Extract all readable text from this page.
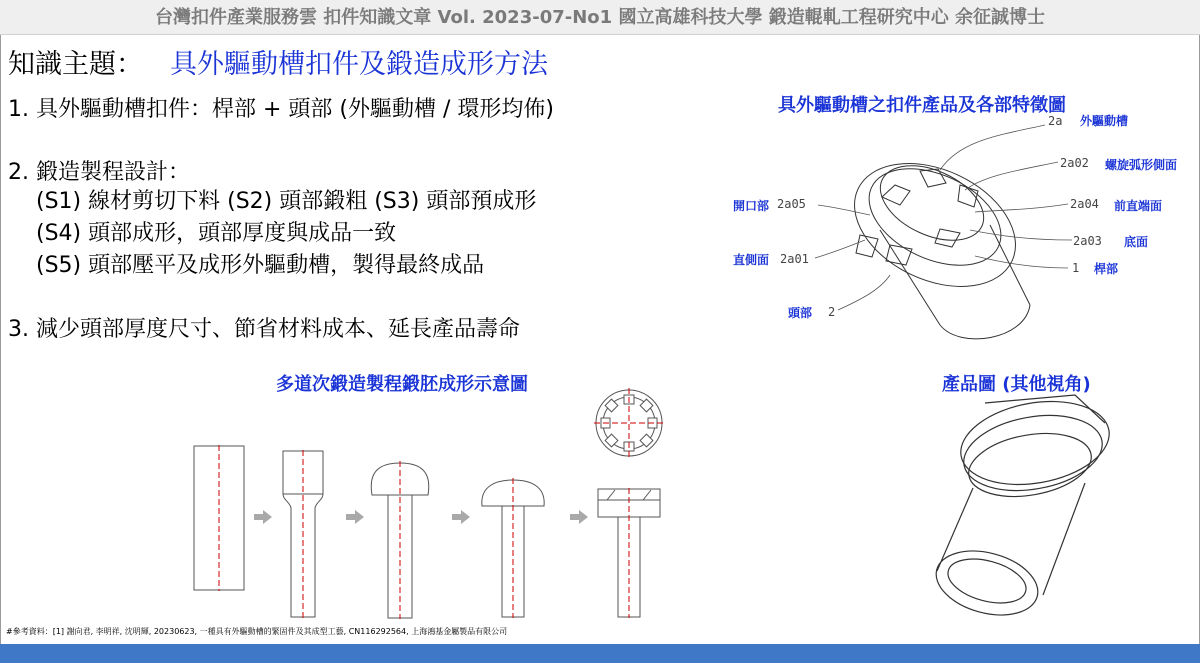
台灣扣件產業服務雲 扣件知識文章 Vol. 2023-07-No1 國立高雄科技大學 鍛造輥軋工程研究中心 余征誠博士
知識主題： 具外驅動槽扣件及鍛造成形方法
1. 具外驅動槽扣件：桿部 + 頭部 (外驅動槽 / 環形均佈)
2. 鍛造製程設計：
(S1) 線材剪切下料 (S2) 頭部鍛粗 (S3) 頭部預成形
(S4) 頭部成形，頭部厚度與成品一致
(S5) 頭部壓平及成形外驅動槽，製得最終成品
3. 減少頭部厚度尺寸、節省材料成本、延長產品壽命
具外驅動槽之扣件產品及各部特徵圖
多道次鍛造製程鍛胚成形示意圖	產品圖 (其他視角)
2a 外驅動槽
2a02 螺旋弧形側面
2a04 前直端面
2a03 底面
1 桿部
開口部 2a05
直側面 2a01
頭部 2
#參考資料：[1] 謝向君, 李明祥, 沈明輝, 20230623, 一種具有外驅動槽的緊固件及其成型工藝, CN116292564, 上海鴻基金屬製品有限公司
